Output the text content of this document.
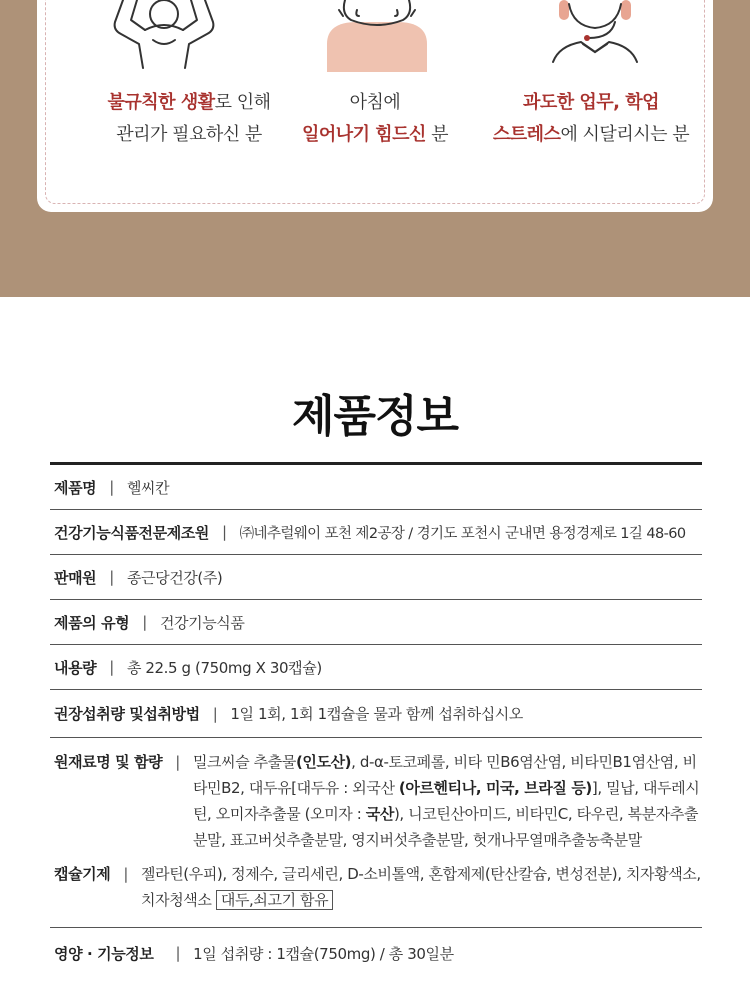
불규칙한 생활로 인해
관리가 필요하신 분
아침에
일어나기 힘드신 분
과도한 업무, 학업
스트레스에 시달리시는 분
제품정보
제품명 | 헬씨칸
건강기능식품전문제조원 | ㈜네추럴웨이 포천 제2공장 / 경기도 포천시 군내면 용정경제로 1길 48-60
판매원 | 종근당건강(주)
제품의 유형 | 건강기능식품
내용량 | 총 22.5 g (750mg X 30캡슐)
권장섭취량 및섭취방법 | 1일 1회, 1회 1캡슐을 물과 함께 섭취하십시오
원재료명 및 함량 | 밀크씨슬 추출물(인도산), d-α-토코페롤, 비타 민B6염산염, 비타민B1염산염, 비타민B2, 대두유[대두유 : 외국산 (아르헨티나, 미국, 브라질 등)], 밀납, 대두레시틴, 오미자추출물 (오미자 : 국산), 니코틴산아미드, 비타민C, 타우린, 복분자추출 분말, 표고버섯추출분말, 영지버섯추출분말, 헛개나무열매추출농축분말
캡슐기제 | 젤라틴(우피), 정제수, 글리세린, D-소비톨액, 혼합제제(탄산칼슘, 변성전분), 치자황색소, 치자청색소 대두,쇠고기 함유
영양 · 기능정보 | 1일 섭취량 : 1캡슐(750mg) / 총 30일분
